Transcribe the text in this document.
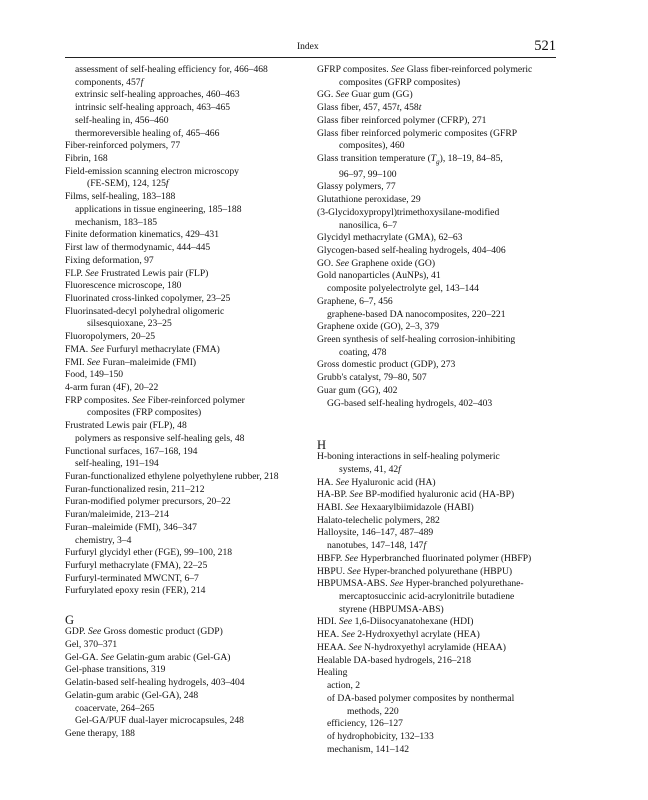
Index	521
assessment of self-healing efficiency for, 466–468
components, 457f
extrinsic self-healing approaches, 460–463
intrinsic self-healing approach, 463–465
self-healing in, 456–460
thermoreversible healing of, 465–466
Fiber-reinforced polymers, 77
Fibrin, 168
Field-emission scanning electron microscopy
(FE-SEM), 124, 125f
Films, self-healing, 183–188
applications in tissue engineering, 185–188
mechanism, 183–185
Finite deformation kinematics, 429–431
First law of thermodynamic, 444–445
Fixing deformation, 97
FLP. See Frustrated Lewis pair (FLP)
Fluorescence microscope, 180
Fluorinated cross-linked copolymer, 23–25
Fluorinsated-decyl polyhedral oligomeric
silsesquioxane, 23–25
Fluoropolymers, 20–25
FMA. See Furfuryl methacrylate (FMA)
FMI. See Furan–maleimide (FMI)
Food, 149–150
4-arm furan (4F), 20–22
FRP composites. See Fiber-reinforced polymer
composites (FRP composites)
Frustrated Lewis pair (FLP), 48
polymers as responsive self-healing gels, 48
Functional surfaces, 167–168, 194
self-healing, 191–194
Furan-functionalized ethylene polyethylene rubber, 218
Furan-functionalized resin, 211–212
Furan-modified polymer precursors, 20–22
Furan/maleimide, 213–214
Furan–maleimide (FMI), 346–347
chemistry, 3–4
Furfuryl glycidyl ether (FGE), 99–100, 218
Furfuryl methacrylate (FMA), 22–25
Furfuryl-terminated MWCNT, 6–7
Furfurylated epoxy resin (FER), 214
G
GDP. See Gross domestic product (GDP)
Gel, 370–371
Gel-GA. See Gelatin-gum arabic (Gel-GA)
Gel-phase transitions, 319
Gelatin-based self-healing hydrogels, 403–404
Gelatin-gum arabic (Gel-GA), 248
coacervate, 264–265
Gel-GA/PUF dual-layer microcapsules, 248
Gene therapy, 188
GFRP composites. See Glass fiber-reinforced polymeric
composites (GFRP composites)
GG. See Guar gum (GG)
Glass fiber, 457, 457t, 458t
Glass fiber reinforced polymer (CFRP), 271
Glass fiber reinforced polymeric composites (GFRP
composites), 460
Glass transition temperature $(T_g)$, 18–19, 84–85,
96–97, 99–100
Glassy polymers, 77
Glutathione peroxidase, 29
(3-Glycidoxypropyl)trimethoxysilane-modified
nanosilica, 6–7
Glycidyl methacrylate (GMA), 62–63
Glycogen-based self-healing hydrogels, 404–406
GO. See Graphene oxide (GO)
Gold nanoparticles (AuNPs), 41
composite polyelectrolyte gel, 143–144
Graphene, 6–7, 456
graphene-based DA nanocomposites, 220–221
Graphene oxide (GO), 2–3, 379
Green synthesis of self-healing corrosion-inhibiting
coating, 478
Gross domestic product (GDP), 273
Grubb's catalyst, 79–80, 507
Guar gum (GG), 402
GG-based self-healing hydrogels, 402–403
H
H-boning interactions in self-healing polymeric
systems, 41, 42f
HA. See Hyaluronic acid (HA)
HA-BP. See BP-modified hyaluronic acid (HA-BP)
HABI. See Hexaarylbiimidazole (HABI)
Halato-telechelic polymers, 282
Halloysite, 146–147, 487–489
nanotubes, 147–148, 147f
HBFP. See Hyperbranched fluorinated polymer (HBFP)
HBPU. See Hyper-branched polyurethane (HBPU)
HBPUMSA-ABS. See Hyper-branched polyurethane-
mercaptosuccinic acid-acrylonitrile butadiene
styrene (HBPUMSA-ABS)
HDI. See 1,6-Diisocyanatohexane (HDI)
HEA. See 2-Hydroxyethyl acrylate (HEA)
HEAA. See N-hydroxyethyl acrylamide (HEAA)
Healable DA-based hydrogels, 216–218
Healing
action, 2
of DA-based polymer composites by nonthermal
methods, 220
efficiency, 126–127
of hydrophobicity, 132–133
mechanism, 141–142
